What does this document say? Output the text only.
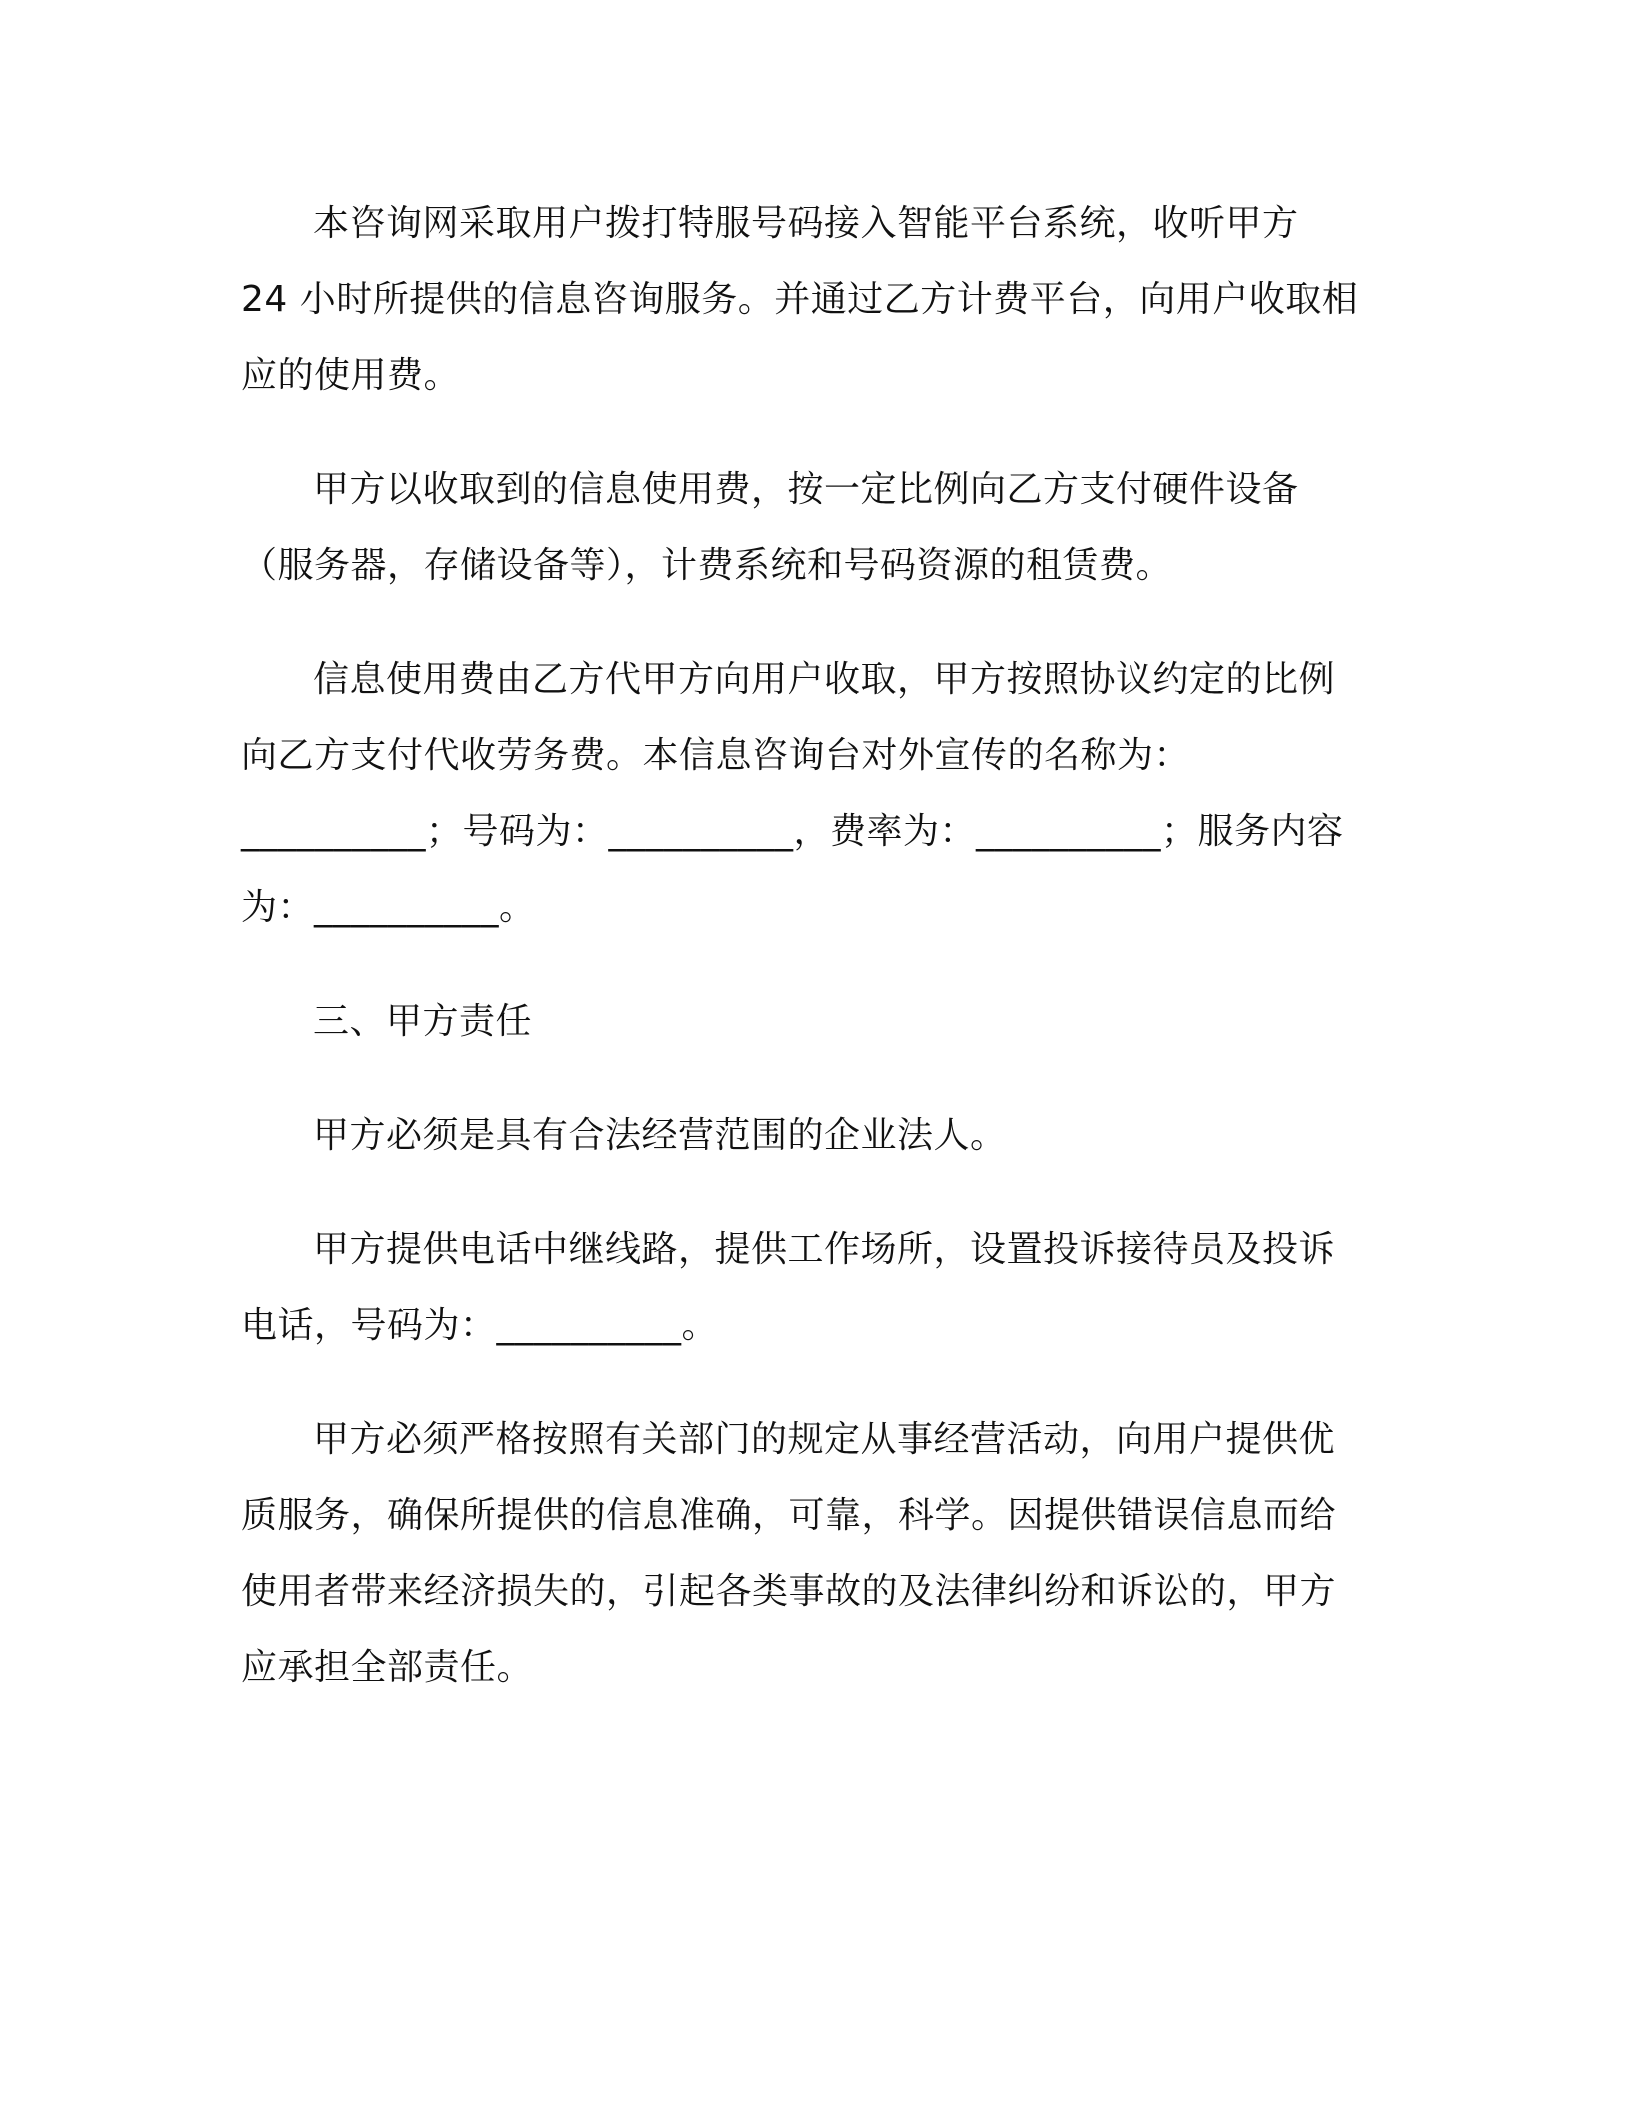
本咨询网采取用户拨打特服号码接入智能平台系统，收听甲方
24 小时所提供的信息咨询服务。并通过乙方计费平台，向用户收取相
应的使用费。

甲方以收取到的信息使用费，按一定比例向乙方支付硬件设备
（服务器，存储设备等），计费系统和号码资源的租赁费。

信息使用费由乙方代甲方向用户收取，甲方按照协议约定的比例
向乙方支付代收劳务费。本信息咨询台对外宣传的名称为：
__________；号码为：__________，费率为：__________；服务内容
为：__________。

三、甲方责任

甲方必须是具有合法经营范围的企业法人。

甲方提供电话中继线路，提供工作场所，设置投诉接待员及投诉
电话，号码为：__________。

甲方必须严格按照有关部门的规定从事经营活动，向用户提供优
质服务，确保所提供的信息准确，可靠，科学。因提供错误信息而给
使用者带来经济损失的，引起各类事故的及法律纠纷和诉讼的，甲方
应承担全部责任。
